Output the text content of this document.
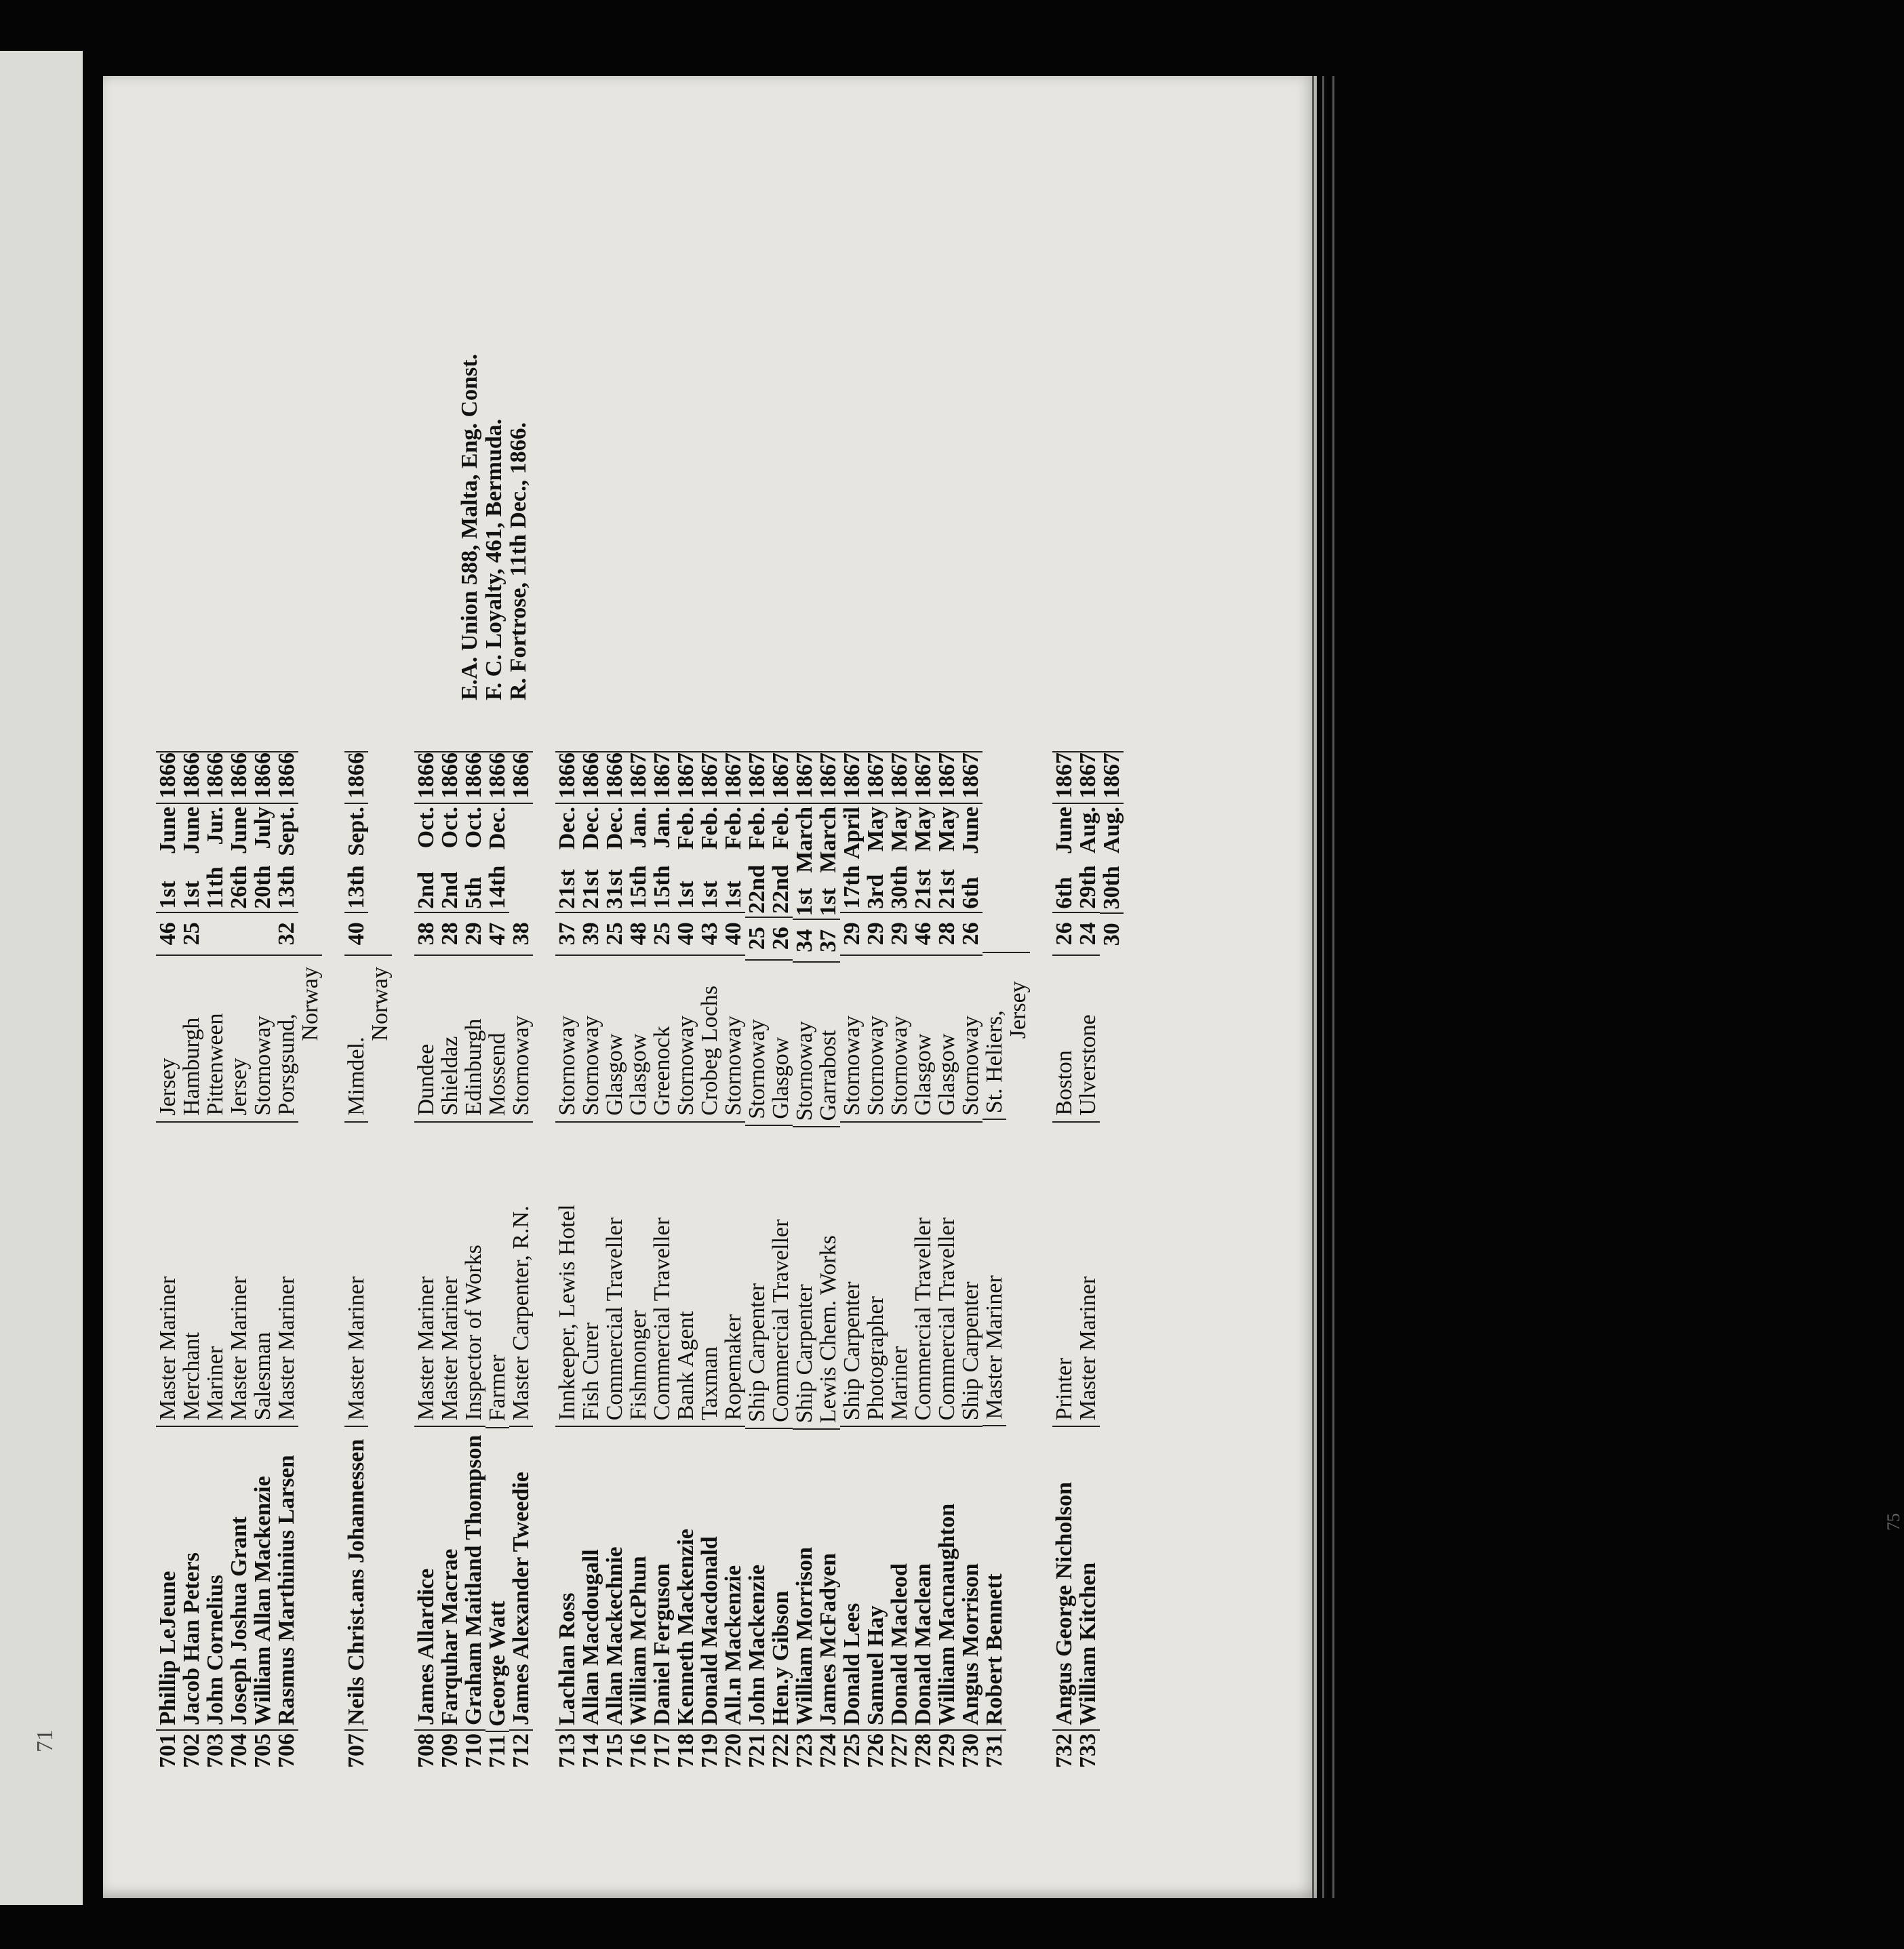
71	701
Phillip LeJeune
Master Mariner
Jersey
46
1st
June
1866
702
Jacob Han Peters
Merchant
Hamburgh
25
1st
June
1866
703
John Cornelius
Mariner
Pittenween
11th
Jur.
1866
704
Joseph Joshua Grant
Master Mariner
Jersey
26th
June
1866
705
William Allan Mackenzie
Salesman
Stornoway
20th
July
1866
706
Rasmus Marthinius Larsen
Master Mariner
Porsgsund,
Norway
32
13th
Sept.
1866
707
Neils Christ.ans Johannessen
Master Mariner
Mimdel.
Norway
40
13th
Sept.
1866
708
James Allardice
Master Mariner
Dundee
38
2nd
Oct.
1866
709
Farquhar Macrae
Master Mariner
Shieldaz
28
2nd
Oct.
1866
710
Graham Maitland Thompson
Inspector of Works
Edinburgh
29
5th
Oct.
1866
711
George Watt
Farmer
Mossend
47
14th
Dec.
1866
712
James Alexander Tweedie
Master Carpenter, R.N.
Stornoway
38
1866
713
Lachlan Ross
Innkeeper, Lewis Hotel
Stornoway
37
21st
Dec.
1866
714
Allan Macdougall
Fish Curer
Stornoway
39
21st
Dec.
1866
715
Allan Mackechnie
Commercial Traveller
Glasgow
25
31st
Dec.
1866
716
William McPhun
Fishmonger
Glasgow
48
15th
Jan.
1867
717
Daniel Ferguson
Commercial Traveller
Greenock
25
15th
Jan.
1867
718
Kenneth Mackenzie
Bank Agent
Stornoway
40
1st
Feb.
1867
719
Donald Macdonald
Taxman
Crobeg Lochs
43
1st
Feb.
1867
720
All.n Mackenzie
Ropemaker
Stornoway
40
1st
Feb.
1867
721
John Mackenzie
Ship Carpenter
Stornoway
25
22nd
Feb.
1867
722
Hen.y Gibson
Commercial Traveller
Glasgow
26
22nd
Feb.
1867
723
William Morrison
Ship Carpenter
Stornoway
34
1st
March
1867
724
James McFadyen
Lewis Chem. Works
Garrabost
37
1st
March
1867
725
Donald Lees
Ship Carpenter
Stornoway
29
17th
April
1867
726
Samuel Hay
Photographer
Stornoway
29
3rd
May
1867
727
Donald Macleod
Mariner
Stornoway
29
30th
May
1867
728
Donald Maclean
Commercial Traveller
Glasgow
46
21st
May
1867
729
William Macnaughton
Commercial Traveller
Glasgow
28
21st
May
1867
730
Angus Morrison
Ship Carpenter
Stornoway
26
6th
June
1867
731
Robert Bennett
Master Mariner
St. Heliers,
Jersey
732
Angus George Nicholson
Printer
Boston
26
6th
June
1867
733
William Kitchen
Master Mariner
Ulverstone
24
29th
Aug.
1867
30
30th
Aug.
1867
E.A. Union 588, Malta, Eng. Const. F. C. Loyalty, 461, Bermuda. R. Fortrose, 11th Dec., 1866.
75
